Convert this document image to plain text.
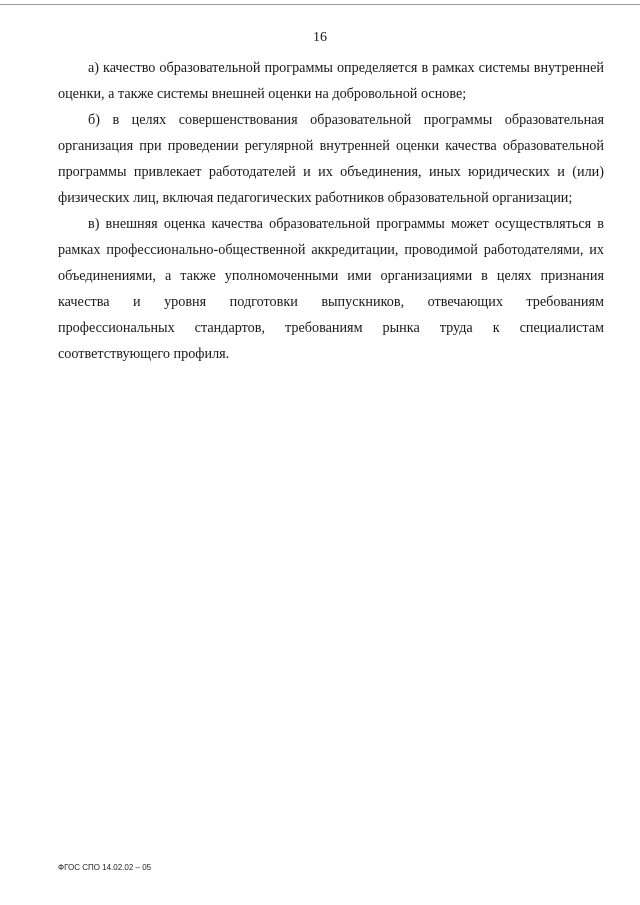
16

а) качество образовательной программы определяется в рамках системы внутренней оценки, а также системы внешней оценки на добровольной основе;

б) в целях совершенствования образовательной программы образовательная организация при проведении регулярной внутренней оценки качества образовательной программы привлекает работодателей и их объединения, иных юридических и (или) физических лиц, включая педагогических работников образовательной организации;

в) внешняя оценка качества образовательной программы может осуществляться в рамках профессионально-общественной аккредитации, проводимой работодателями, их объединениями, а также уполномоченными ими организациями в целях признания качества и уровня подготовки выпускников, отвечающих требованиям профессиональных стандартов, требованиям рынка труда к специалистам соответствующего профиля.

ФГОС СПО 14.02.02 – 05
